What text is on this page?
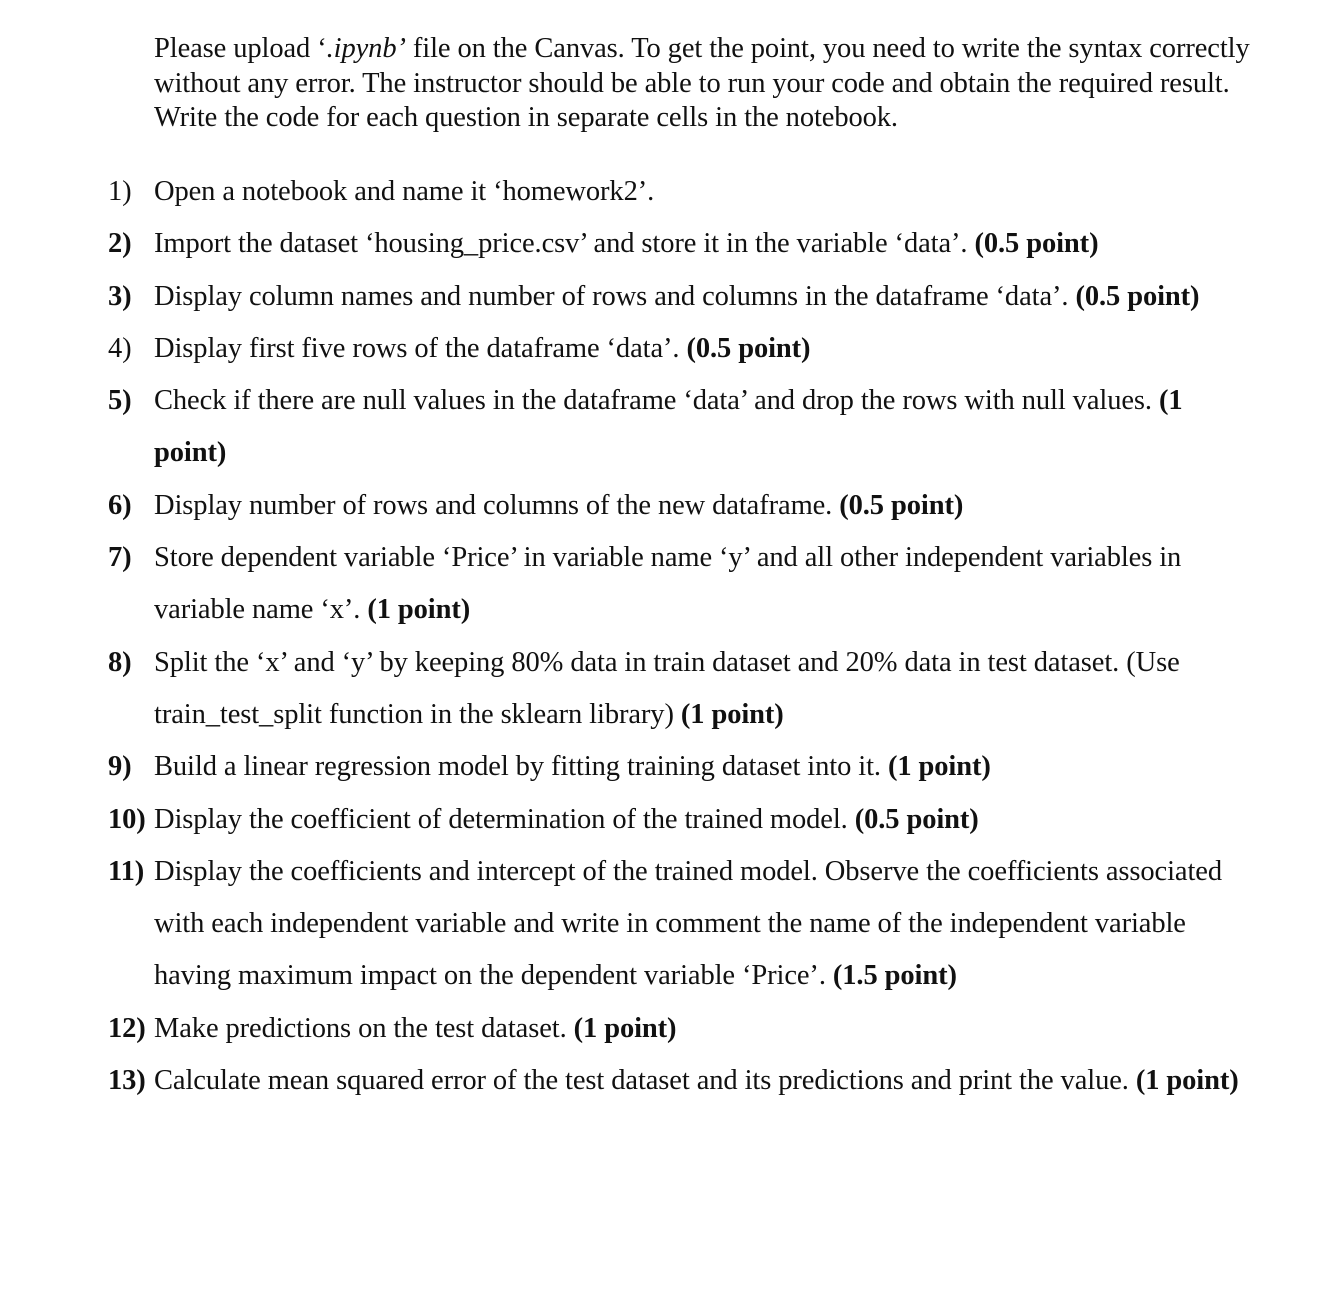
Please upload ‘.ipynb’ file on the Canvas. To get the point, you need to write the syntax correctly without any error. The instructor should be able to run your code and obtain the required result. Write the code for each question in separate cells in the notebook.

1) Open a notebook and name it ‘homework2’.
2) Import the dataset ‘housing_price.csv’ and store it in the variable ‘data’. (0.5 point)
3) Display column names and number of rows and columns in the dataframe ‘data’. (0.5 point)
4) Display first five rows of the dataframe ‘data’. (0.5 point)
5) Check if there are null values in the dataframe ‘data’ and drop the rows with null values. (1 point)
6) Display number of rows and columns of the new dataframe. (0.5 point)
7) Store dependent variable ‘Price’ in variable name ‘y’ and all other independent variables in variable name ‘x’. (1 point)
8) Split the ‘x’ and ‘y’ by keeping 80% data in train dataset and 20% data in test dataset. (Use train_test_split function in the sklearn library) (1 point)
9) Build a linear regression model by fitting training dataset into it. (1 point)
10) Display the coefficient of determination of the trained model. (0.5 point)
11) Display the coefficients and intercept of the trained model. Observe the coefficients associated with each independent variable and write in comment the name of the independent variable having maximum impact on the dependent variable ‘Price’. (1.5 point)
12) Make predictions on the test dataset. (1 point)
13) Calculate mean squared error of the test dataset and its predictions and print the value. (1 point)
